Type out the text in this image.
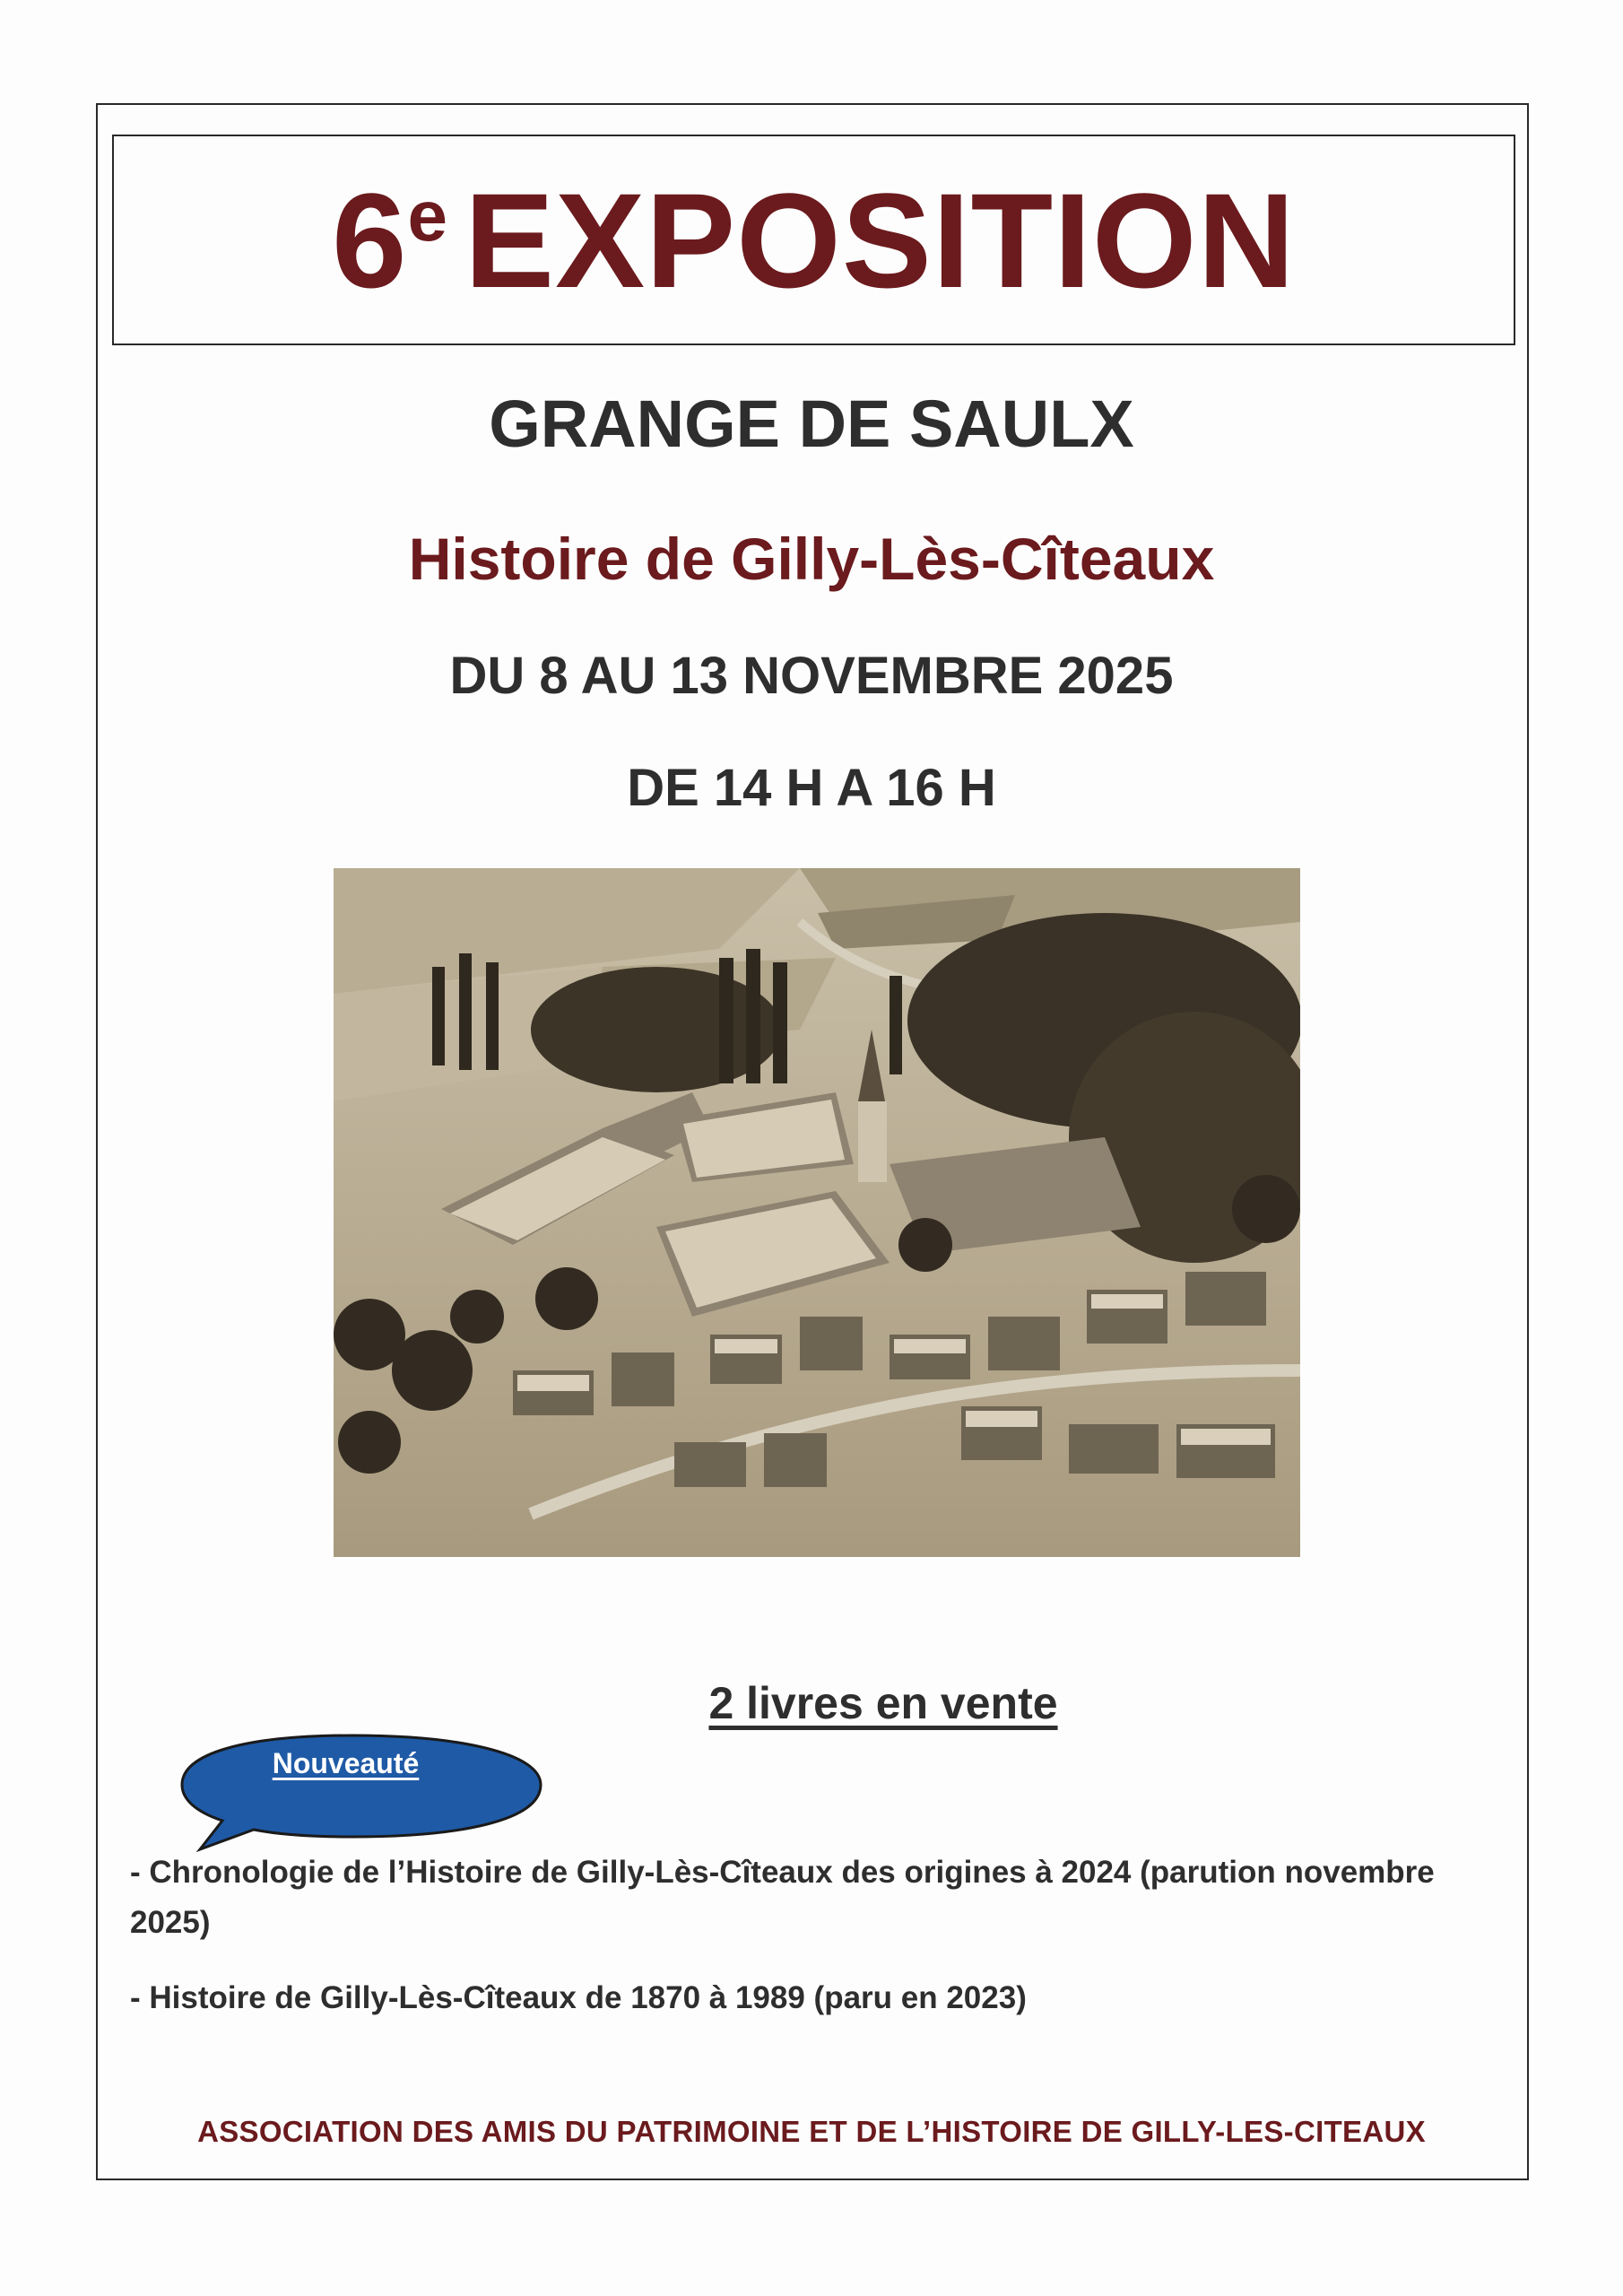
6e EXPOSITION
GRANGE DE SAULX
Histoire de Gilly-Lès-Cîteaux
DU 8 AU 13 NOVEMBRE 2025
DE 14 H A 16 H
2 livres en vente
Nouveauté
- Chronologie de l’Histoire de Gilly-Lès-Cîteaux des origines à 2024 (parution novembre 2025)
- Histoire de Gilly-Lès-Cîteaux de 1870 à 1989 (paru en 2023)
ASSOCIATION DES AMIS DU PATRIMOINE ET DE L’HISTOIRE DE GILLY-LES-CITEAUX
